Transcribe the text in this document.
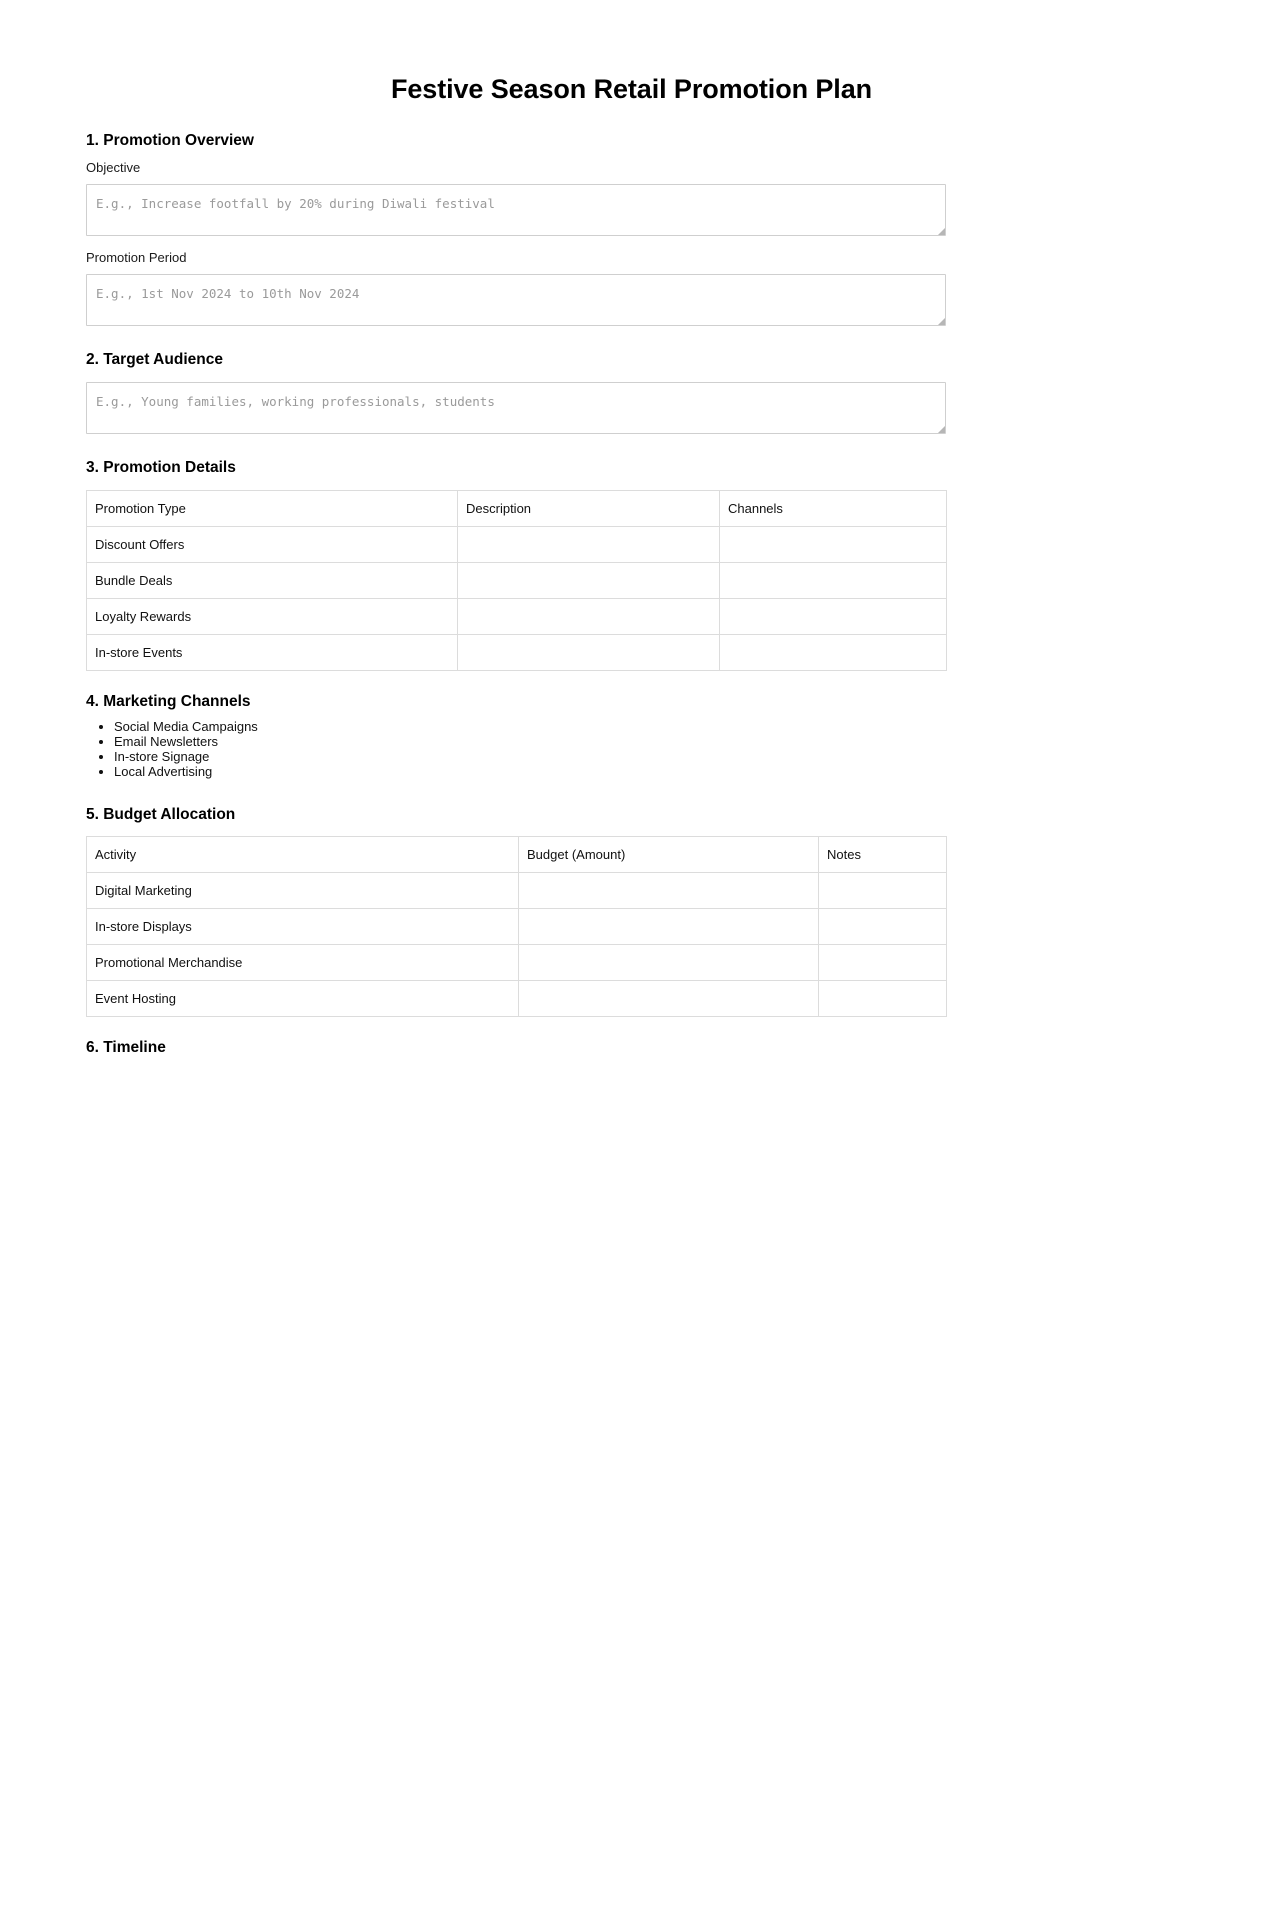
Festive Season Retail Promotion Plan
1. Promotion Overview
Objective
E.g., Increase footfall by 20% during Diwali festival
Promotion Period
E.g., 1st Nov 2024 to 10th Nov 2024
2. Target Audience
E.g., Young families, working professionals, students
3. Promotion Details
Promotion Type	Description	Channels
Discount Offers		
Bundle Deals		
Loyalty Rewards		
In-store Events		
4. Marketing Channels
• Social Media Campaigns
• Email Newsletters
• In-store Signage
• Local Advertising
5. Budget Allocation
Activity	Budget (Amount)	Notes
Digital Marketing		
In-store Displays		
Promotional Merchandise		
Event Hosting		
6. Timeline
